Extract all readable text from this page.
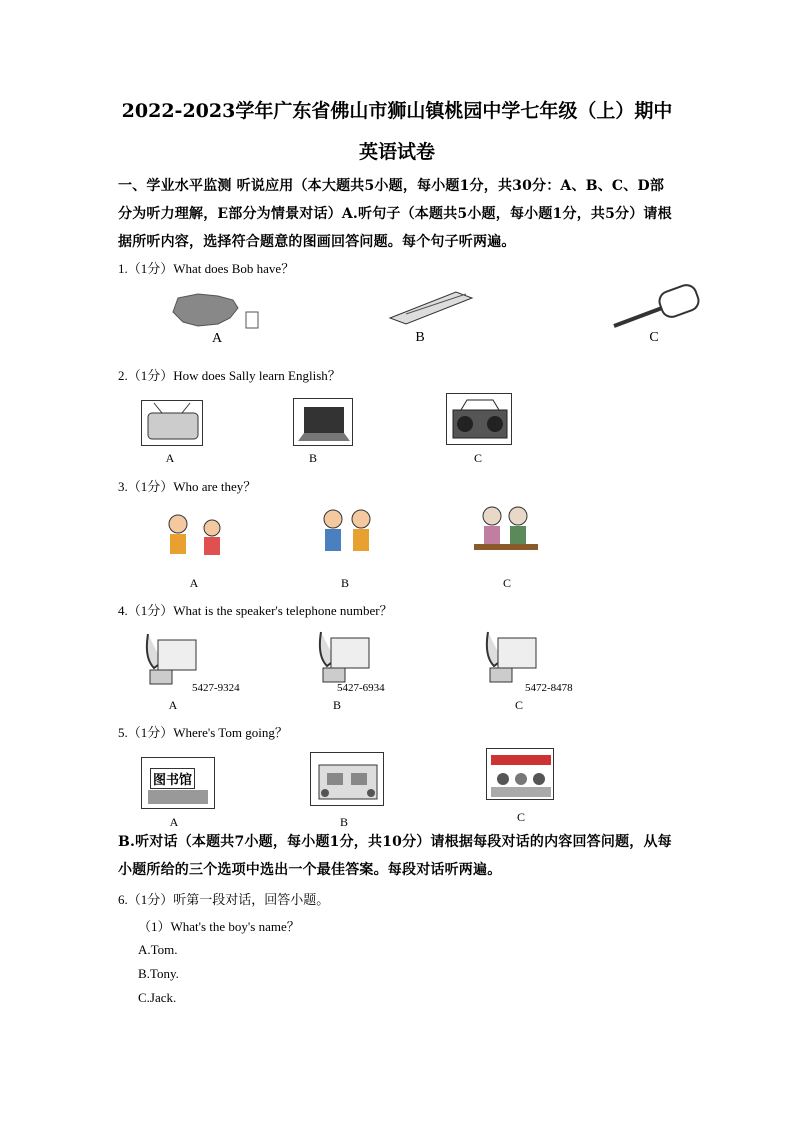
2022-2023学年广东省佛山市狮山镇桃园中学七年级（上）期中
英语试卷
一、学业水平监测 听说应用（本大题共5小题，每小题1分，共30分：A、B、C、D部
分为听力理解，E部分为情景对话）A.听句子（本题共5小题，每小题1分，共5分）请根
据所听内容，选择符合题意的图画回答问题。每个句子听两遍。
1.（1分）What does Bob have？
A	B	C
2.（1分）How does Sally learn English？
A	B	C
3.（1分）Who are they？
A	B	C
4.（1分）What is the speaker's telephone number？
5427-9324
A
5427-6934
B
5472-8478
C
5.（1分）Where's Tom going？
图书馆
A	B	C
B.听对话（本题共7小题，每小题1分，共10分）请根据每段对话的内容回答问题，从每
小题所给的三个选项中选出一个最佳答案。每段对话听两遍。
6.（1分）听第一段对话，回答小题。
（1）What's the boy's name？
A.Tom.
B.Tony.
C.Jack.
